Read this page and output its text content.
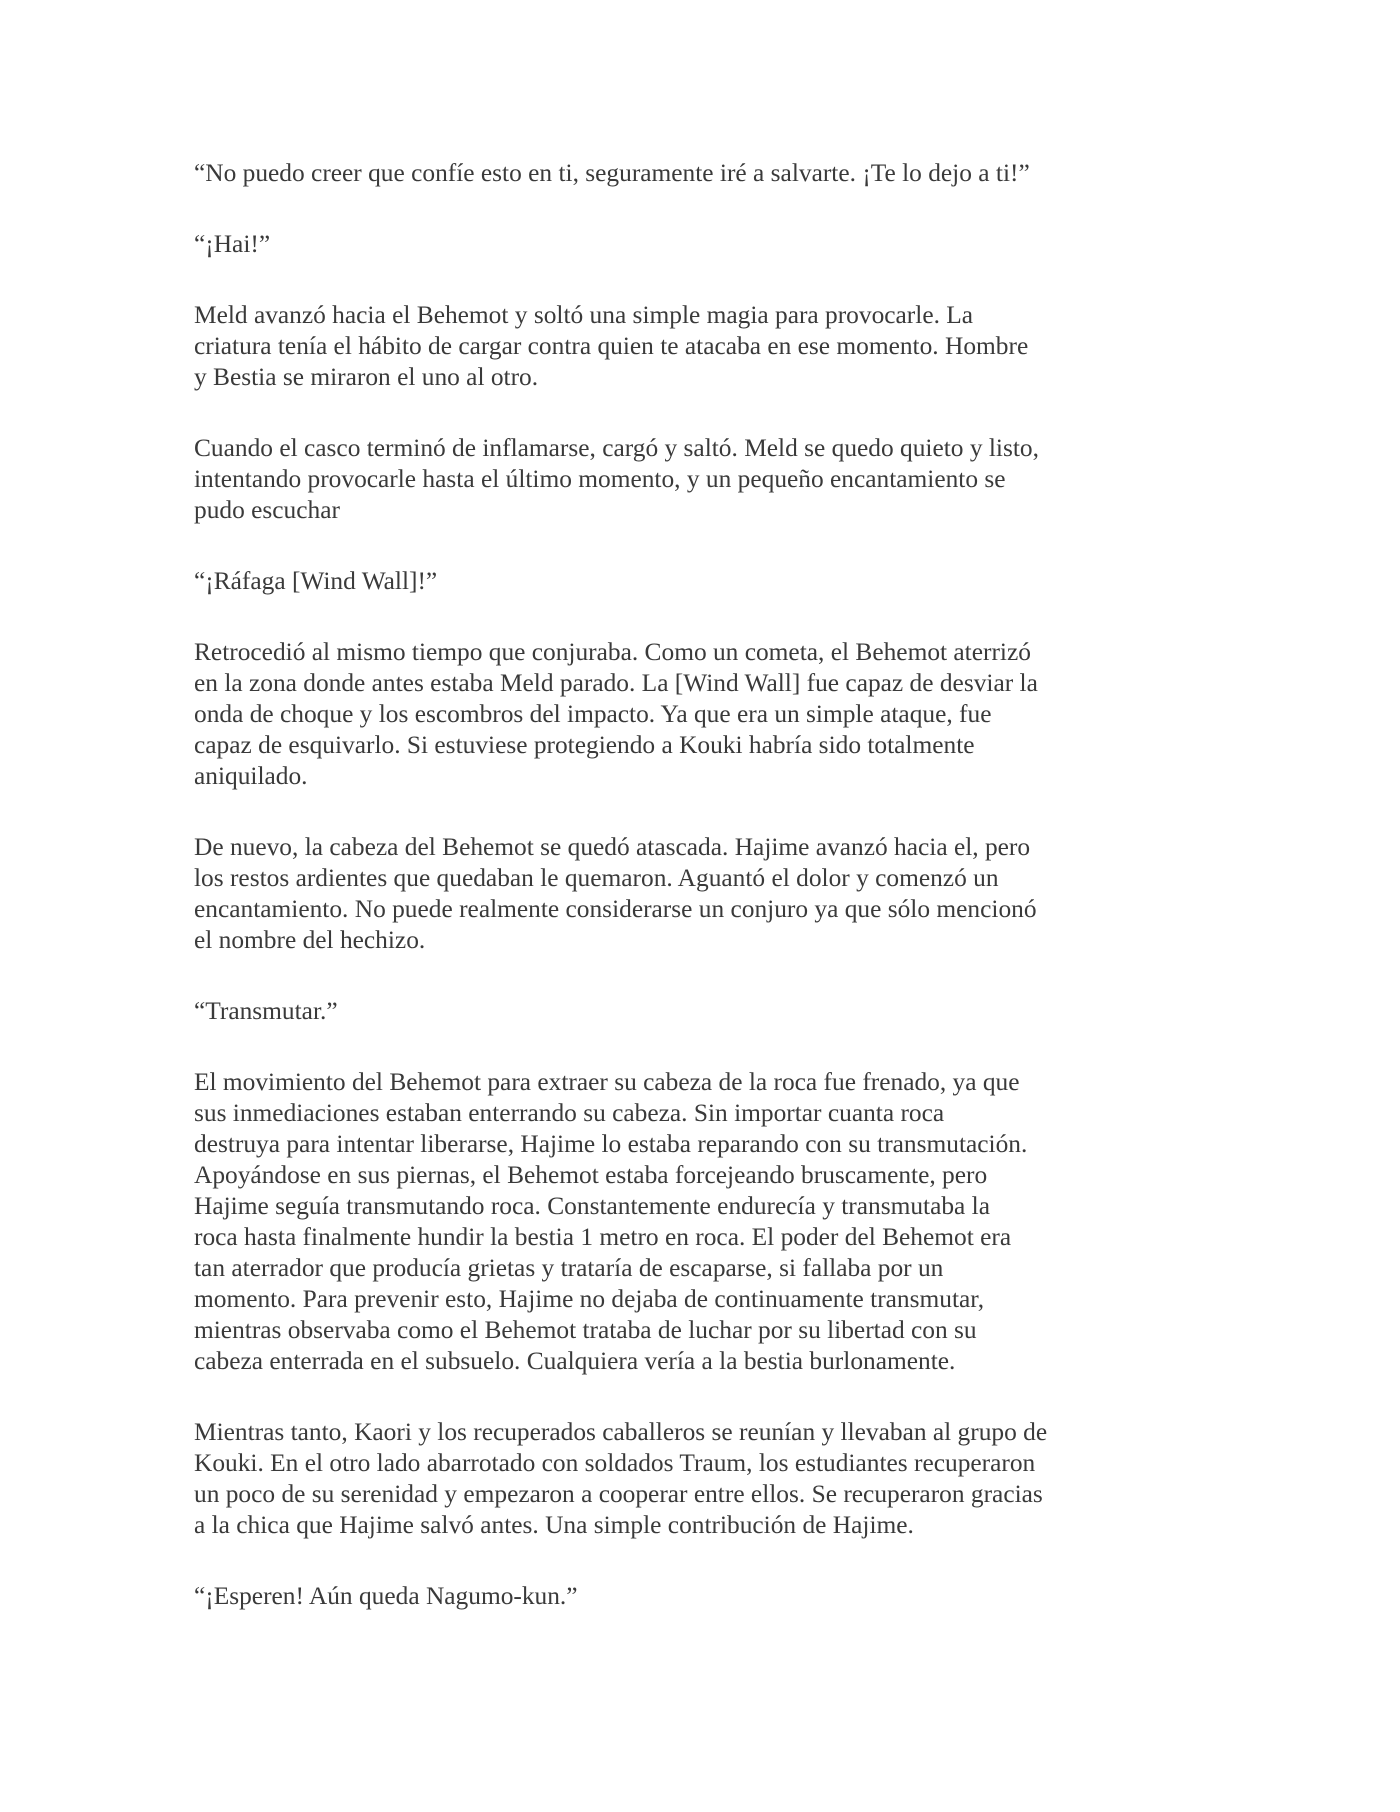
“No puedo creer que confíe esto en ti, seguramente iré a salvarte. ¡Te lo dejo a ti!”

“¡Hai!”

Meld avanzó hacia el Behemot y soltó una simple magia para provocarle. La
criatura tenía el hábito de cargar contra quien te atacaba en ese momento. Hombre
y Bestia se miraron el uno al otro.

Cuando el casco terminó de inflamarse, cargó y saltó. Meld se quedo quieto y listo,
intentando provocarle hasta el último momento, y un pequeño encantamiento se
pudo escuchar

“¡Ráfaga [Wind Wall]!”

Retrocedió al mismo tiempo que conjuraba. Como un cometa, el Behemot aterrizó
en la zona donde antes estaba Meld parado. La [Wind Wall] fue capaz de desviar la
onda de choque y los escombros del impacto. Ya que era un simple ataque, fue
capaz de esquivarlo. Si estuviese protegiendo a Kouki habría sido totalmente
aniquilado.

De nuevo, la cabeza del Behemot se quedó atascada. Hajime avanzó hacia el, pero
los restos ardientes que quedaban le quemaron. Aguantó el dolor y comenzó un
encantamiento. No puede realmente considerarse un conjuro ya que sólo mencionó
el nombre del hechizo.

“Transmutar.”

El movimiento del Behemot para extraer su cabeza de la roca fue frenado, ya que
sus inmediaciones estaban enterrando su cabeza. Sin importar cuanta roca
destruya para intentar liberarse, Hajime lo estaba reparando con su transmutación.
Apoyándose en sus piernas, el Behemot estaba forcejeando bruscamente, pero
Hajime seguía transmutando roca. Constantemente endurecía y transmutaba la
roca hasta finalmente hundir la bestia 1 metro en roca. El poder del Behemot era
tan aterrador que producía grietas y trataría de escaparse, si fallaba por un
momento. Para prevenir esto, Hajime no dejaba de continuamente transmutar,
mientras observaba como el Behemot trataba de luchar por su libertad con su
cabeza enterrada en el subsuelo. Cualquiera vería a la bestia burlonamente.

Mientras tanto, Kaori y los recuperados caballeros se reunían y llevaban al grupo de
Kouki. En el otro lado abarrotado con soldados Traum, los estudiantes recuperaron
un poco de su serenidad y empezaron a cooperar entre ellos. Se recuperaron gracias
a la chica que Hajime salvó antes. Una simple contribución de Hajime.

“¡Esperen! Aún queda Nagumo-kun.”
